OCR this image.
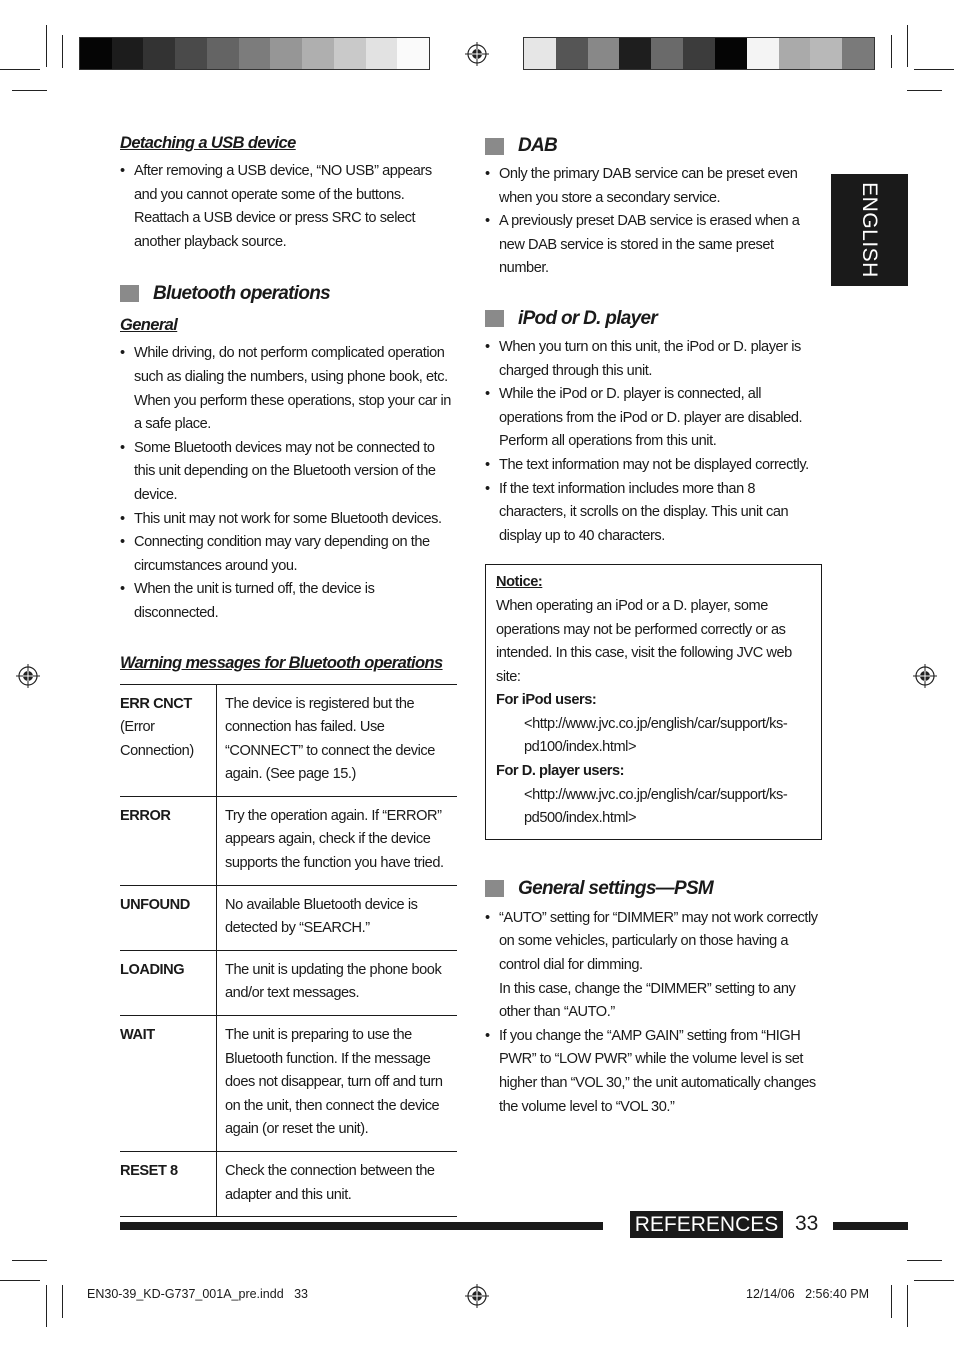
ENGLISH
Detaching a USB device
• After removing a USB device, “NO USB” appears and you cannot operate some of the buttons. Reattach a USB device or press SRC to select another playback source.
Bluetooth operations
General
• While driving, do not perform complicated operation such as dialing the numbers, using phone book, etc. When you perform these operations, stop your car in a safe place.
• Some Bluetooth devices may not be connected to this unit depending on the Bluetooth version of the device.
• This unit may not work for some Bluetooth devices.
• Connecting condition may vary depending on the circumstances around you.
• When the unit is turned off, the device is disconnected.
Warning messages for Bluetooth operations
ERR CNCT
(Error Connection)	The device is registered but the connection has failed. Use “CONNECT” to connect the device again. (See page 15.)

ERROR	Try the operation again. If “ERROR” appears again, check if the device supports the function you have tried.

UNFOUND	No available Bluetooth device is detected by “SEARCH.”

LOADING	The unit is updating the phone book and/or text messages.

WAIT	The unit is preparing to use the Bluetooth function. If the message does not disappear, turn off and turn on the unit, then connect the device again (or reset the unit).

RESET 8	Check the connection between the adapter and this unit.
DAB
• Only the primary DAB service can be preset even when you store a secondary service.
• A previously preset DAB service is erased when a new DAB service is stored in the same preset number.
iPod or D. player
• When you turn on this unit, the iPod or D. player is charged through this unit.
• While the iPod or D. player is connected, all operations from the iPod or D. player are disabled. Perform all operations from this unit.
• The text information may not be displayed correctly.
• If the text information includes more than 8 characters, it scrolls on the display. This unit can display up to 40 characters.
Notice:
When operating an iPod or a D. player, some operations may not be performed correctly or as intended. In this case, visit the following JVC web site:
For iPod users: <http://www.jvc.co.jp/english/car/support/ks-pd100/index.html>
For D. player users: <http://www.jvc.co.jp/english/car/support/ks-pd500/index.html>
General settings—PSM
• “AUTO” setting for “DIMMER” may not work correctly on some vehicles, particularly on those having a control dial for dimming.
In this case, change the “DIMMER” setting to any other than “AUTO.”
• If you change the “AMP GAIN” setting from “HIGH PWR” to “LOW PWR” while the volume level is set higher than “VOL 30,” the unit automatically changes the volume level to “VOL 30.”
REFERENCES 33
EN30-39_KD-G737_001A_pre.indd   33	12/14/06   2:56:40 PM
